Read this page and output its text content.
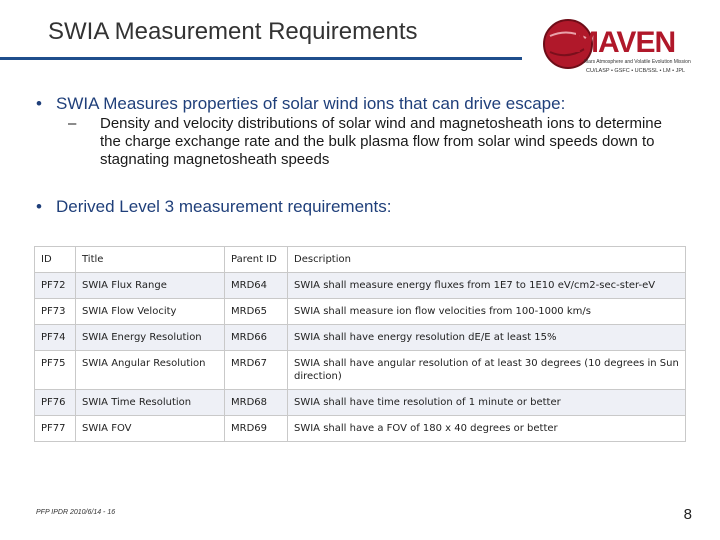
SWIA Measurement Requirements	MAVEN
Mars Atmosphere and Volatile Evolution Mission
CU/LASP • GSFC • UCB/SSL • LM • JPL
• SWIA Measures properties of solar wind ions that can drive escape:
–	Density and velocity distributions of solar wind and magnetosheath ions to determine the charge exchange rate and the bulk plasma flow from solar wind speeds down to stagnating magnetosheath speeds
• Derived Level 3 measurement requirements:
ID	Title	Parent ID	Description
PF72	SWIA Flux Range	MRD64	SWIA shall measure energy fluxes from 1E7 to 1E10 eV/cm2-sec-ster-eV
PF73	SWIA Flow Velocity	MRD65	SWIA shall measure ion flow velocities from 100-1000 km/s
PF74	SWIA Energy Resolution	MRD66	SWIA shall have energy resolution dE/E at least 15%
PF75	SWIA Angular Resolution	MRD67	SWIA shall have angular resolution of at least 30 degrees (10 degrees in Sun direction)
PF76	SWIA Time Resolution	MRD68	SWIA shall have time resolution of 1 minute or better
PF77	SWIA FOV	MRD69	SWIA shall have a FOV of 180 x 40 degrees or better
PFP IPDR 2010/6/14 - 16	8
